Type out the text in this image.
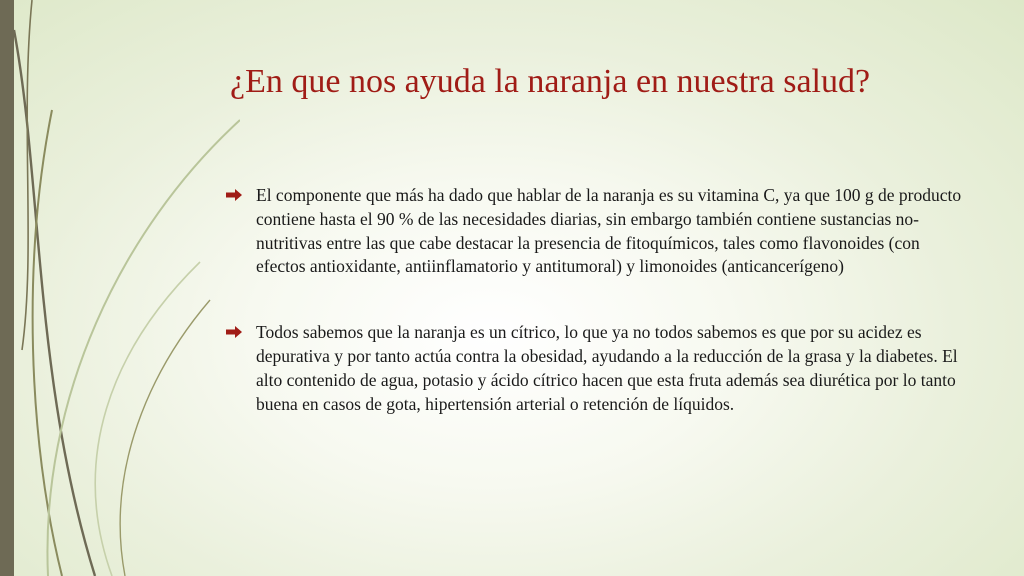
¿En que nos ayuda la naranja en nuestra salud?
El componente que más ha dado que hablar de la naranja es su vitamina C, ya que 100 g de producto contiene hasta el 90 % de las necesidades diarias, sin embargo también contiene sustancias no-nutritivas entre las que cabe destacar la presencia de fitoquímicos, tales como flavonoides (con efectos antioxidante, antiinflamatorio y antitumoral) y limonoides (anticancerígeno)
Todos sabemos que la naranja es un cítrico, lo que ya no todos sabemos es que por su acidez es depurativa y por tanto actúa contra la obesidad, ayudando a la reducción de la grasa y la diabetes. El alto contenido de agua, potasio y ácido cítrico hacen que esta fruta además sea diurética por lo tanto buena en casos de gota, hipertensión arterial o retención de líquidos.
